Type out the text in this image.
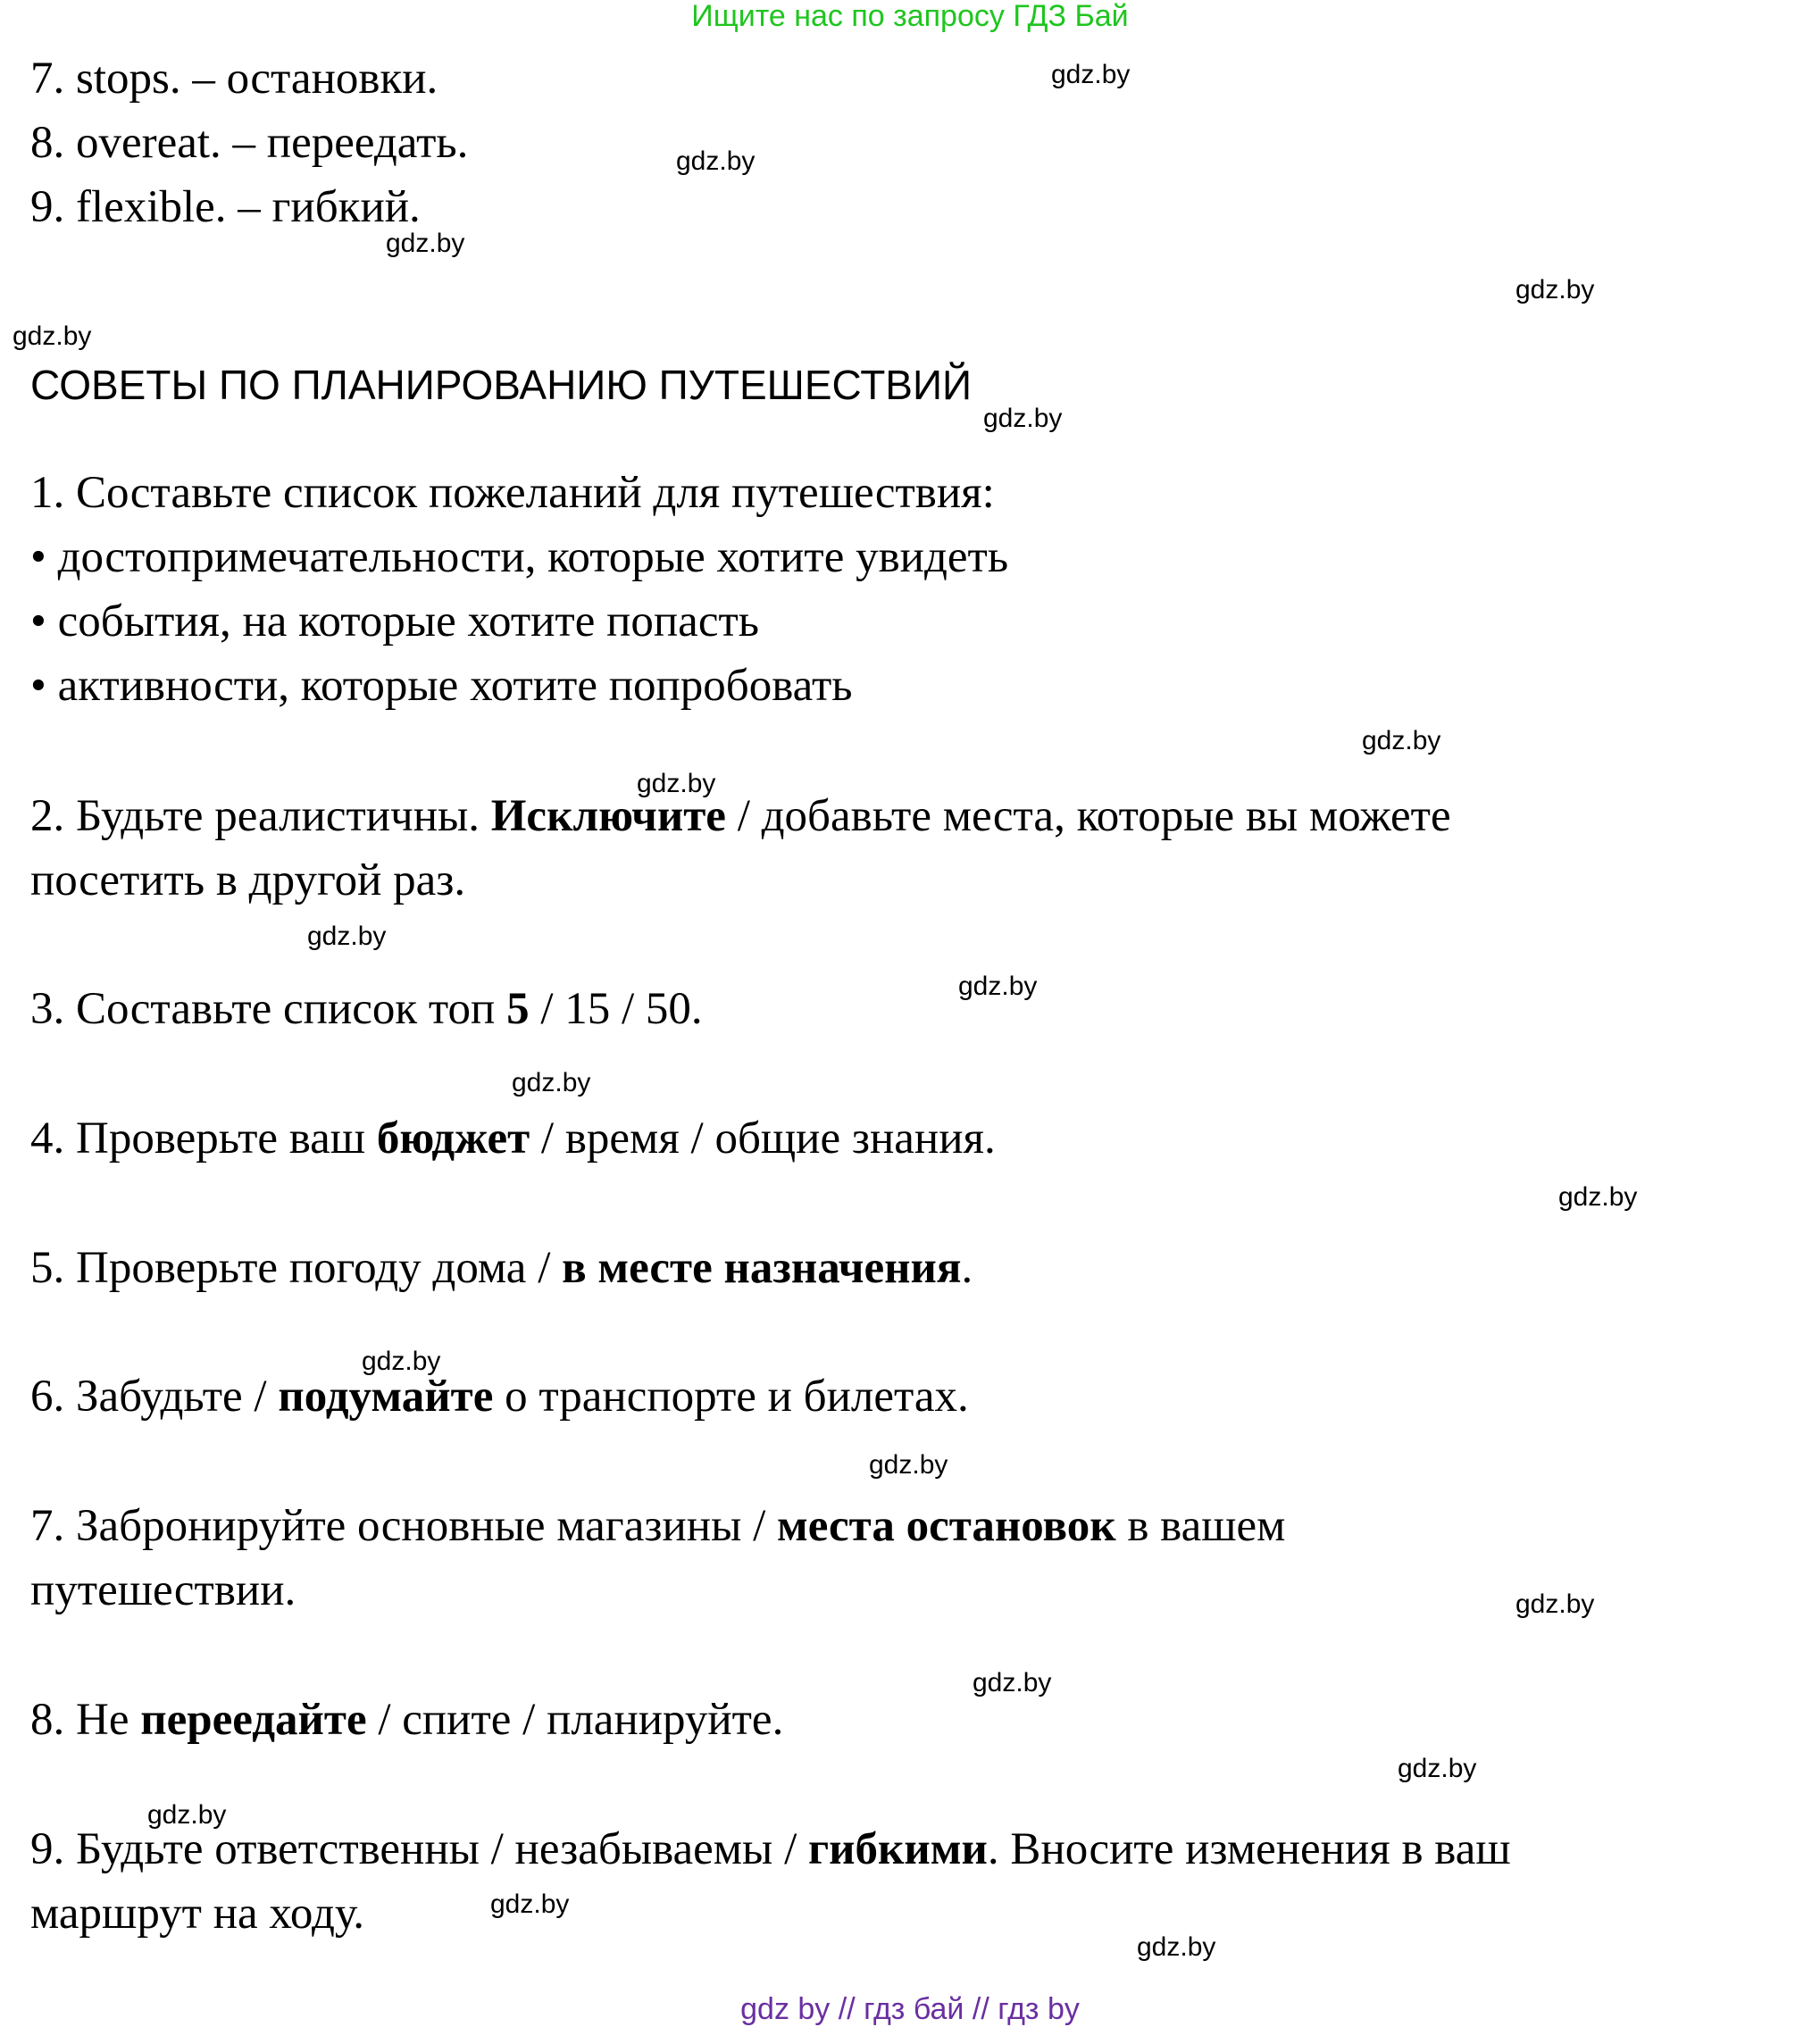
Ищите нас по запросу ГДЗ Бай
7. stops. – остановки.
8. overeat. – переедать.
9. flexible. – гибкий.
СОВЕТЫ ПО ПЛАНИРОВАНИЮ ПУТЕШЕСТВИЙ
1. Составьте список пожеланий для путешествия:
• достопримечательности, которые хотите увидеть
• события, на которые хотите попасть
• активности, которые хотите попробовать
2. Будьте реалистичны. Исключите / добавьте места, которые вы можете
посетить в другой раз.
3. Составьте список топ 5 / 15 / 50.
4. Проверьте ваш бюджет / время / общие знания.
5. Проверьте погоду дома / в месте назначения.
6. Забудьте / подумайте о транспорте и билетах.
7. Забронируйте основные магазины / места остановок в вашем
путешествии.
8. Не переедайте / спите / планируйте.
9. Будьте ответственны / незабываемы / гибкими. Вносите изменения в ваш
маршрут на ходу.
gdz.by
gdz.by
gdz.by
gdz.by
gdz.by
gdz.by
gdz.by
gdz.by
gdz.by
gdz.by
gdz.by
gdz.by
gdz.by
gdz.by
gdz.by
gdz.by
gdz.by
gdz.by
gdz.by
gdz.by
gdz by // гдз бай // гдз by
